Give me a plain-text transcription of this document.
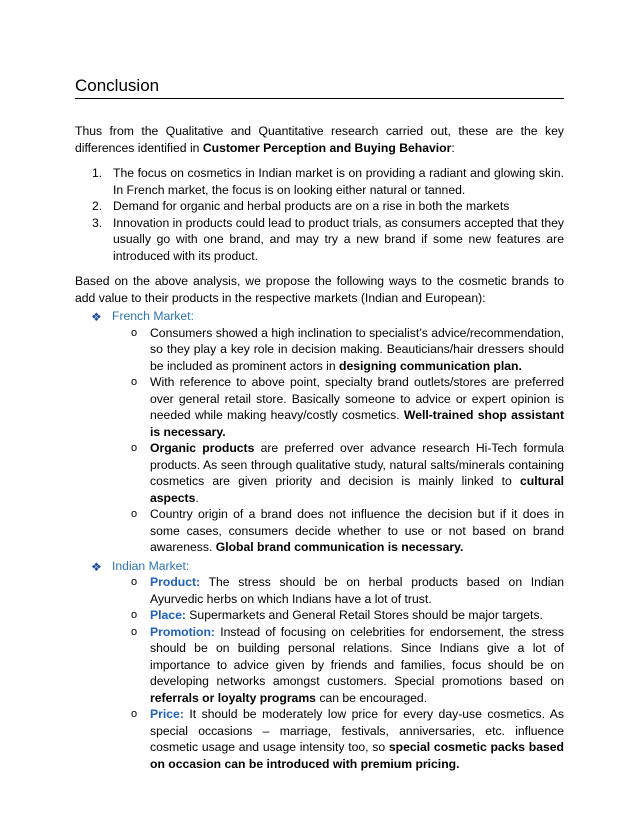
Conclusion

Thus from the Qualitative and Quantitative research carried out, these are the key differences identified in Customer Perception and Buying Behavior:

1. The focus on cosmetics in Indian market is on providing a radiant and glowing skin. In French market, the focus is on looking either natural or tanned.
2. Demand for organic and herbal products are on a rise in both the markets
3. Innovation in products could lead to product trials, as consumers accepted that they usually go with one brand, and may try a new brand if some new features are introduced with its product.

Based on the above analysis, we propose the following ways to the cosmetic brands to add value to their products in the respective markets (Indian and European):

❖ French Market:
o Consumers showed a high inclination to specialist’s advice/recommendation, so they play a key role in decision making. Beauticians/hair dressers should be included as prominent actors in designing communication plan.
o With reference to above point, specialty brand outlets/stores are preferred over general retail store. Basically someone to advice or expert opinion is needed while making heavy/costly cosmetics. Well-trained shop assistant is necessary.
o Organic products are preferred over advance research Hi-Tech formula products. As seen through qualitative study, natural salts/minerals containing cosmetics are given priority and decision is mainly linked to cultural aspects.
o Country origin of a brand does not influence the decision but if it does in some cases, consumers decide whether to use or not based on brand awareness. Global brand communication is necessary.
❖ Indian Market:
o Product: The stress should be on herbal products based on Indian Ayurvedic herbs on which Indians have a lot of trust.
o Place: Supermarkets and General Retail Stores should be major targets.
o Promotion: Instead of focusing on celebrities for endorsement, the stress should be on building personal relations. Since Indians give a lot of importance to advice given by friends and families, focus should be on developing networks amongst customers. Special promotions based on referrals or loyalty programs can be encouraged.
o Price: It should be moderately low price for every day-use cosmetics. As special occasions – marriage, festivals, anniversaries, etc. influence cosmetic usage and usage intensity too, so special cosmetic packs based on occasion can be introduced with premium pricing.
